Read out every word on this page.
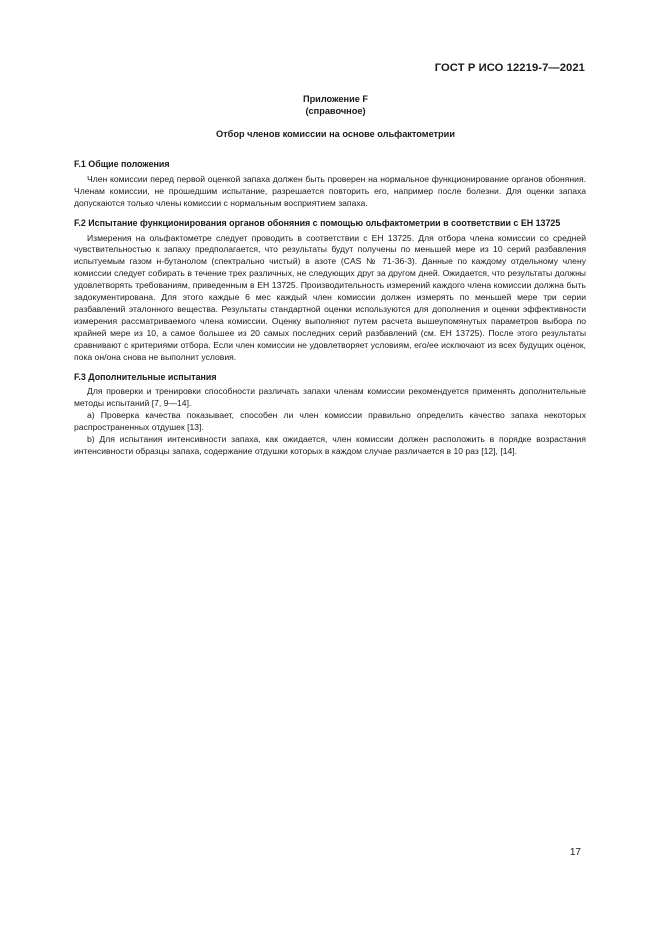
ГОСТ Р ИСО 12219-7—2021
Приложение F
(справочное)
Отбор членов комиссии на основе ольфактометрии
F.1 Общие положения

Член комиссии перед первой оценкой запаха должен быть проверен на нормальное функционирование органов обоняния. Членам комиссии, не прошедшим испытание, разрешается повторить его, например после болезни. Для оценки запаха допускаются только члены комиссии с нормальным восприятием запаха.

F.2 Испытание функционирования органов обоняния с помощью ольфактометрии в соответствии с ЕН 13725

Измерения на ольфактометре следует проводить в соответствии с ЕН 13725. Для отбора члена комиссии со средней чувствительностью к запаху предполагается, что результаты будут получены по меньшей мере из 10 серий разбавления испытуемым газом н-бутанолом (спектрально чистый) в азоте (CAS № 71-36-3). Данные по каждому отдельному члену комиссии следует собирать в течение трех различных, не следующих друг за другом дней. Ожидается, что результаты должны удовлетворять требованиям, приведенным в ЕН 13725. Производительность измерений каждого члена комиссии должна быть задокументирована. Для этого каждые 6 мес каждый член комиссии должен измерять по меньшей мере три серии разбавлений эталонного вещества. Результаты стандартной оценки используются для дополнения и оценки эффективности измерения рассматриваемого члена комиссии. Оценку выполняют путем расчета вышеупомянутых параметров выбора по крайней мере из 10, а самое большее из 20 самых последних серий разбавлений (см. ЕН 13725). После этого результаты сравнивают с критериями отбора. Если член комиссии не удовлетворяет условиям, его/ее исключают из всех будущих оценок, пока он/она снова не выполнит условия.

F.3 Дополнительные испытания

Для проверки и тренировки способности различать запахи членам комиссии рекомендуется применять дополнительные методы испытаний [7, 9—14].

a) Проверка качества показывает, способен ли член комиссии правильно определить качество запаха некоторых распространенных отдушек [13].

b) Для испытания интенсивности запаха, как ожидается, член комиссии должен расположить в порядке возрастания интенсивности образцы запаха, содержание отдушки которых в каждом случае различается в 10 раз [12], [14].

17
